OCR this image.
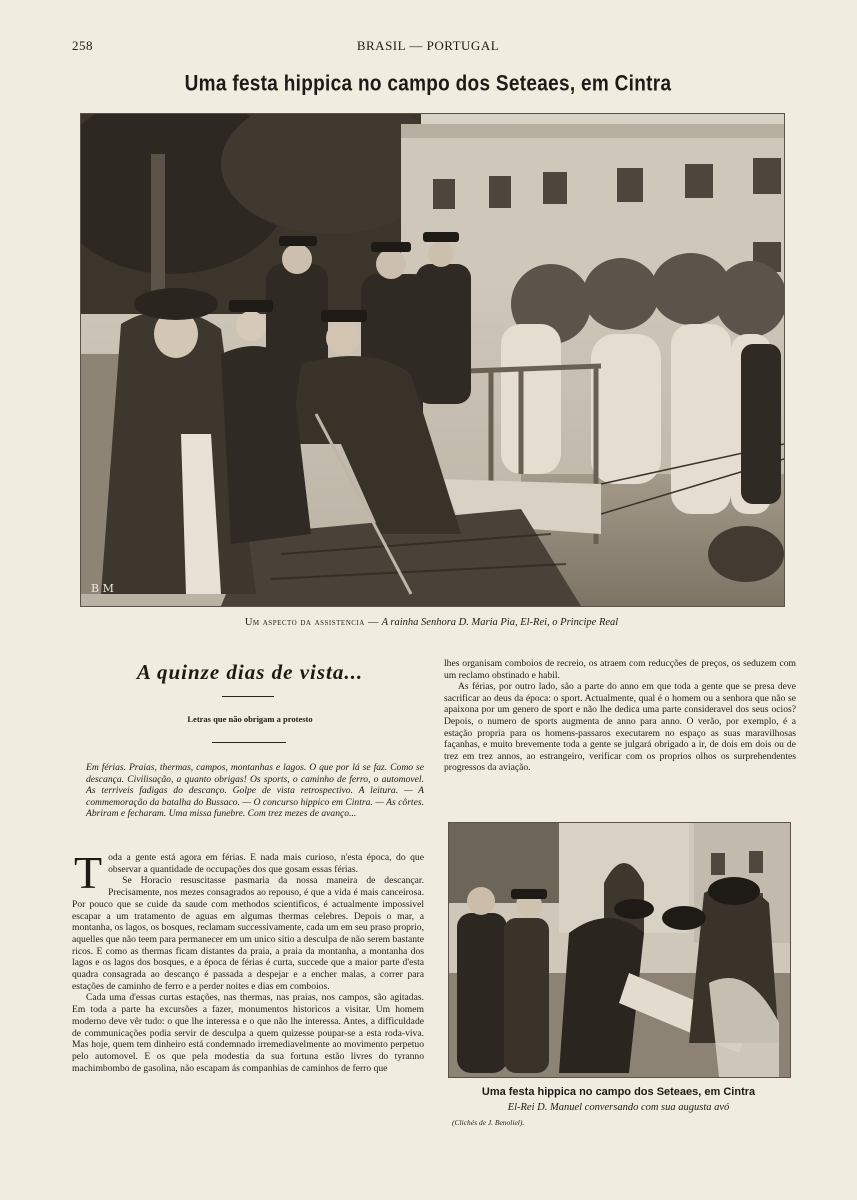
258	BRASIL — PORTUGAL
Uma festa hippica no campo dos Seteaes, em Cintra
B M
Um aspecto da assistencia — A rainha Senhora D. Maria Pia, El-Rei, o Principe Real
A quinze dias de vista...
Letras que não obrigam a protesto
Em férias. Praias, thermas, campos, montanhas e lagos. O que por lá se faz. Como se descança. Civilisação, a quanto obrigas! Os sports, o caminho de ferro, o automovel. As terriveis fadigas do descanço. Golpe de vista retrospectivo. A leitura. — A commemoração da batalha do Bussaco. — O concurso hippico em Cintra. — As côrtes. Abriram e fecharam. Uma missa funebre. Com trez mezes de avanço...

Toda a gente está agora em férias. E nada mais curioso, n'esta época, do que observar a quantidade de occupações dos que gosam essas férias.

Se Horacio resuscitasse pasmaria da nossa maneira de descançar. Precisamente, nos mezes consagrados ao repouso, é que a vida é mais canceirosa. Por pouco que se cuide da saude com methodos scientificos, é actualmente impossivel escapar a um tratamento de aguas em algumas thermas celebres. Depois o mar, a montanha, os lagos, os bosques, reclamam successivamente, cada um em seu praso proprio, aquelles que não teem para permanecer em um unico sitio a desculpa de não serem bastante ricos. E como as thermas ficam distantes da praia, a praia da montanha, a montanha dos lagos e os lagos dos bosques, e a época de férias é curta, succede que a maior parte d'esta quadra consagrada ao descanço é passada a despejar e a encher malas, a correr para estações de caminho de ferro e a perder noites e dias em comboios.

Cada uma d'essas curtas estações, nas thermas, nas praias, nos campos, são agitadas. Em toda a parte ha excursões a fazer, monumentos historicos a visitar. Um homem moderno deve vêr tudo: o que lhe interessa e o que não lhe interessa. Antes, a difficuldade de communicações podia servir de desculpa a quem quizesse poupar-se a esta roda-viva. Mas hoje, quem tem dinheiro está condemnado irremediavelmente ao movimento perpetuo pelo automovel. E os que pela modestia da sua fortuna estão livres do tyranno machimbombo de gasolina, não escapam ás companhias de caminhos de ferro que

lhes organisam comboios de recreio, os atraem com reducções de preços, os seduzem com um reclamo obstinado e habil.

As férias, por outro lado, são a parte do anno em que toda a gente que se presa deve sacrificar ao deus da época: o sport. Actualmente, qual é o homem ou a senhora que não se apaixona por um genero de sport e não lhe dedica uma parte consideravel dos seus ocios? Depois, o numero de sports augmenta de anno para anno. O verão, por exemplo, é a estação propria para os homens-passaros executarem no espaço as suas maravilhosas façanhas, e muito brevemente toda a gente se julgará obrigado a ir, de dois em dois ou de trez em trez annos, ao estrangeiro, verificar com os proprios olhos os surprehendentes progressos da aviação.

Uma festa hippica no campo dos Seteaes, em Cintra
El-Rei D. Manuel conversando com sua augusta avó
(Clichés de J. Benoliel).
